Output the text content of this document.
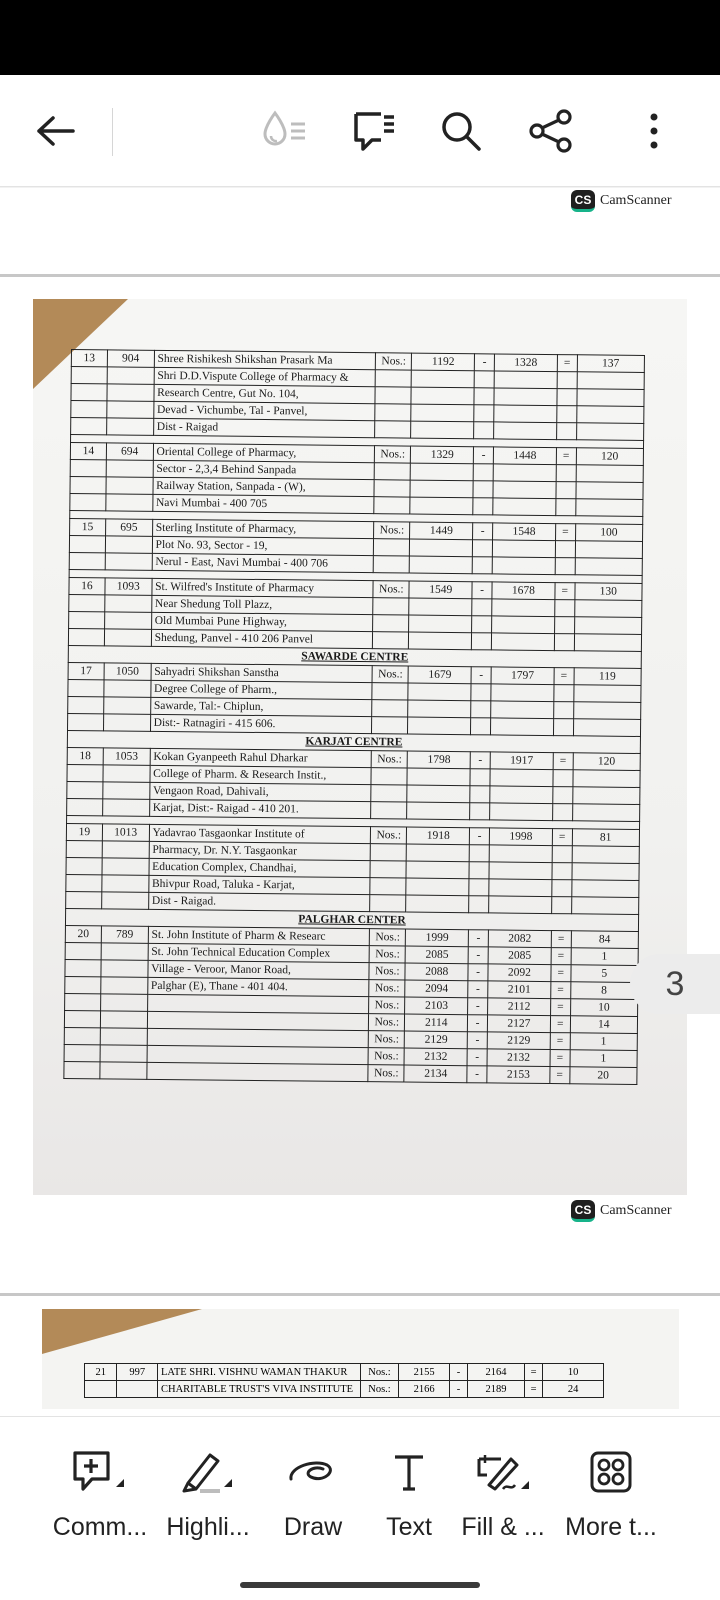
CS CamScanner
13	904	Shree Rishikesh Shikshan Prasark Ma	Nos.:	1192	-	1328	=	137
		Shri D.D.Vispute College of Pharmacy &						
		Research Centre, Gut No. 104,						
		Devad - Vichumbe, Tal - Panvel,						
		Dist - Raigad						

14	694	Oriental College of Pharmacy,	Nos.:	1329	-	1448	=	120
		Sector - 2,3,4 Behind Sanpada						
		Railway Station, Sanpada - (W),						
		Navi Mumbai - 400 705						

15	695	Sterling Institute of Pharmacy,	Nos.:	1449	-	1548	=	100
		Plot No. 93, Sector - 19,						
		Nerul - East, Navi Mumbai - 400 706						

16	1093	St. Wilfred's Institute of Pharmacy	Nos.:	1549	-	1678	=	130
		Near Shedung Toll Plazz,						
		Old Mumbai Pune Highway,						
		Shedung, Panvel - 410 206 Panvel						
SAWARDE CENTRE								
17	1050	Sahyadri Shikshan Sanstha	Nos.:	1679	-	1797	=	119
		Degree College of Pharm.,						
		Sawarde, Tal:- Chiplun,						
		Dist:- Ratnagiri - 415 606.						
KARJAT CENTRE								
18	1053	Kokan Gyanpeeth Rahul Dharkar	Nos.:	1798	-	1917	=	120
		College of Pharm. & Research Instit.,						
		Vengaon Road, Dahivali,						
		Karjat, Dist:- Raigad - 410 201.						

19	1013	Yadavrao Tasgaonkar Institute of	Nos.:	1918	-	1998	=	81
		Pharmacy, Dr. N.Y. Tasgaonkar						
		Education Complex, Chandhai,						
		Bhivpur Road, Taluka - Karjat,						
		Dist - Raigad.						
PALGHAR CENTER								
20	789	St. John Institute of Pharm & Researc	Nos.:	1999	-	2082	=	84
		St. John Technical Education Complex	Nos.:	2085	-	2085	=	1
		Village - Veroor, Manor Road,	Nos.:	2088	-	2092	=	5
		Palghar (E), Thane - 401 404.	Nos.:	2094	-	2101	=	8
			Nos.:	2103	-	2112	=	10
			Nos.:	2114	-	2127	=	14
			Nos.:	2129	-	2129	=	1
			Nos.:	2132	-	2132	=	1
			Nos.:	2134	-	2153	=	20
CS CamScanner
21	997	LATE SHRI. VISHNU WAMAN THAKUR	Nos.:	2155	-	2164	=	10
		CHARITABLE TRUST'S VIVA INSTITUTE	Nos.:	2166	-	2189	=	24
3
Comm... Highli...	Draw	Text	Fill & ... More t...
